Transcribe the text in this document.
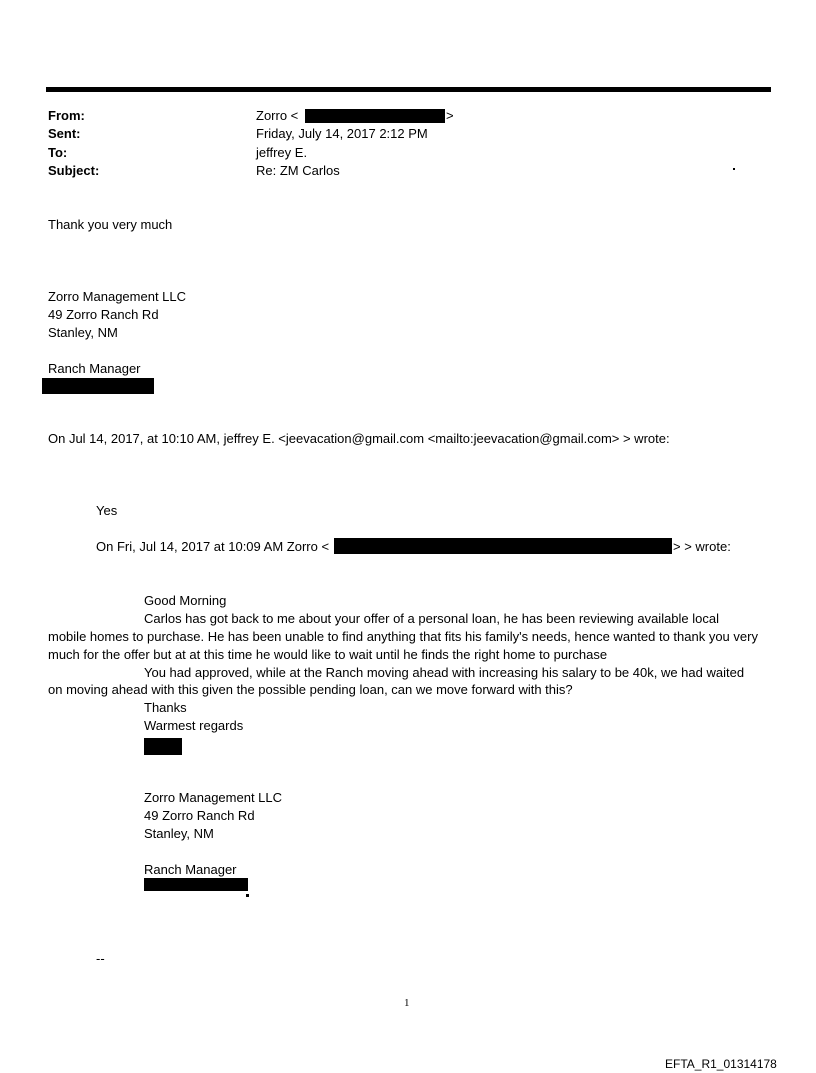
From:
Sent:
To:
Subject:
Zorro <	>
Friday, July 14, 2017 2:12 PM
jeffrey E.
Re: ZM Carlos
Thank you very much
Zorro Management LLC
49 Zorro Ranch Rd
Stanley, NM
Ranch Manager
On Jul 14, 2017, at 10:10 AM, jeffrey E. <jeevacation@gmail.com <mailto:jeevacation@gmail.com> > wrote:
Yes
On Fri, Jul 14, 2017 at 10:09 AM Zorro <	> > wrote:
Good Morning
Carlos has got back to me about your offer of a personal loan, he has been reviewing available local
mobile homes to purchase. He has been unable to find anything that fits his family's needs, hence wanted to thank you very much for the offer but at at this time he would like to wait until he finds the right home to purchase
You had approved, while at the Ranch moving ahead with increasing his salary to be 40k, we had waited
on moving ahead with this given the possible pending loan, can we move forward with this?
Thanks
Warmest regards
Zorro Management LLC
49 Zorro Ranch Rd
Stanley, NM
Ranch Manager
--
1
EFTA_R1_01314178
